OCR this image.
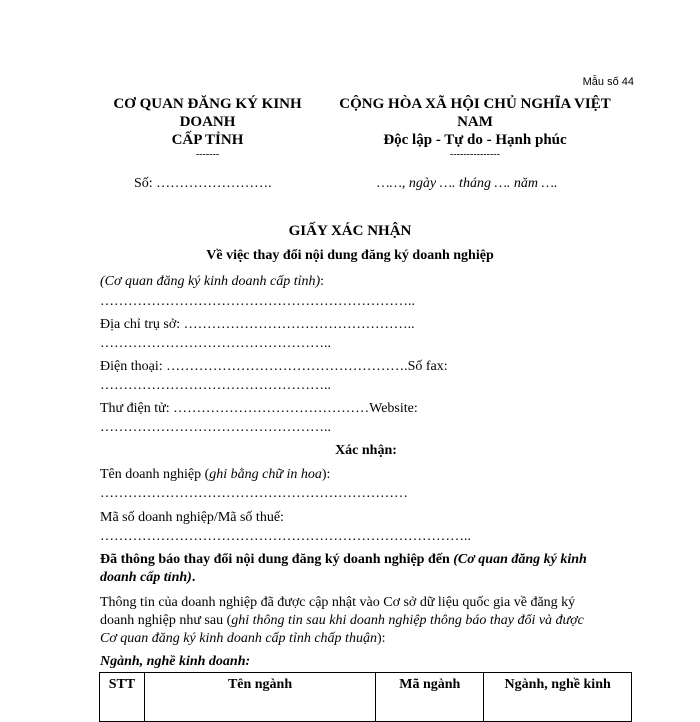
Mẫu số 44
CƠ QUAN ĐĂNG KÝ KINH
DOANH
CẤP TỈNH
-------
CỘNG HÒA XÃ HỘI CHỦ NGHĨA VIỆT
NAM
Độc lập - Tự do - Hạnh phúc
---------------
Số: …………………….	……, ngày …. tháng …. năm ….
GIẤY XÁC NHẬN
Về việc thay đổi nội dung đăng ký doanh nghiệp
(Cơ quan đăng ký kinh doanh cấp tỉnh):
…………………………………………………………..
Địa chỉ trụ sở: …………………………………………..
…………………………………………..
Điện thoại: …………………………………………….Số fax:
…………………………………………..
Thư điện tử: ……………………………………Website:
…………………………………………..
Xác nhận:
Tên doanh nghiệp (ghi bằng chữ in hoa):
…………………………………………………………
Mã số doanh nghiệp/Mã số thuế:
……………………………………………………………………..
Đã thông báo thay đổi nội dung đăng ký doanh nghiệp đến (Cơ quan đăng ký kinh
doanh cấp tỉnh).
Thông tin của doanh nghiệp đã được cập nhật vào Cơ sở dữ liệu quốc gia về đăng ký
doanh nghiệp như sau (ghi thông tin sau khi doanh nghiệp thông báo thay đổi và được
Cơ quan đăng ký kinh doanh cấp tỉnh chấp thuận):
Ngành, nghề kinh doanh:
STT	Tên ngành	Mã ngành	Ngành, nghề kinh
